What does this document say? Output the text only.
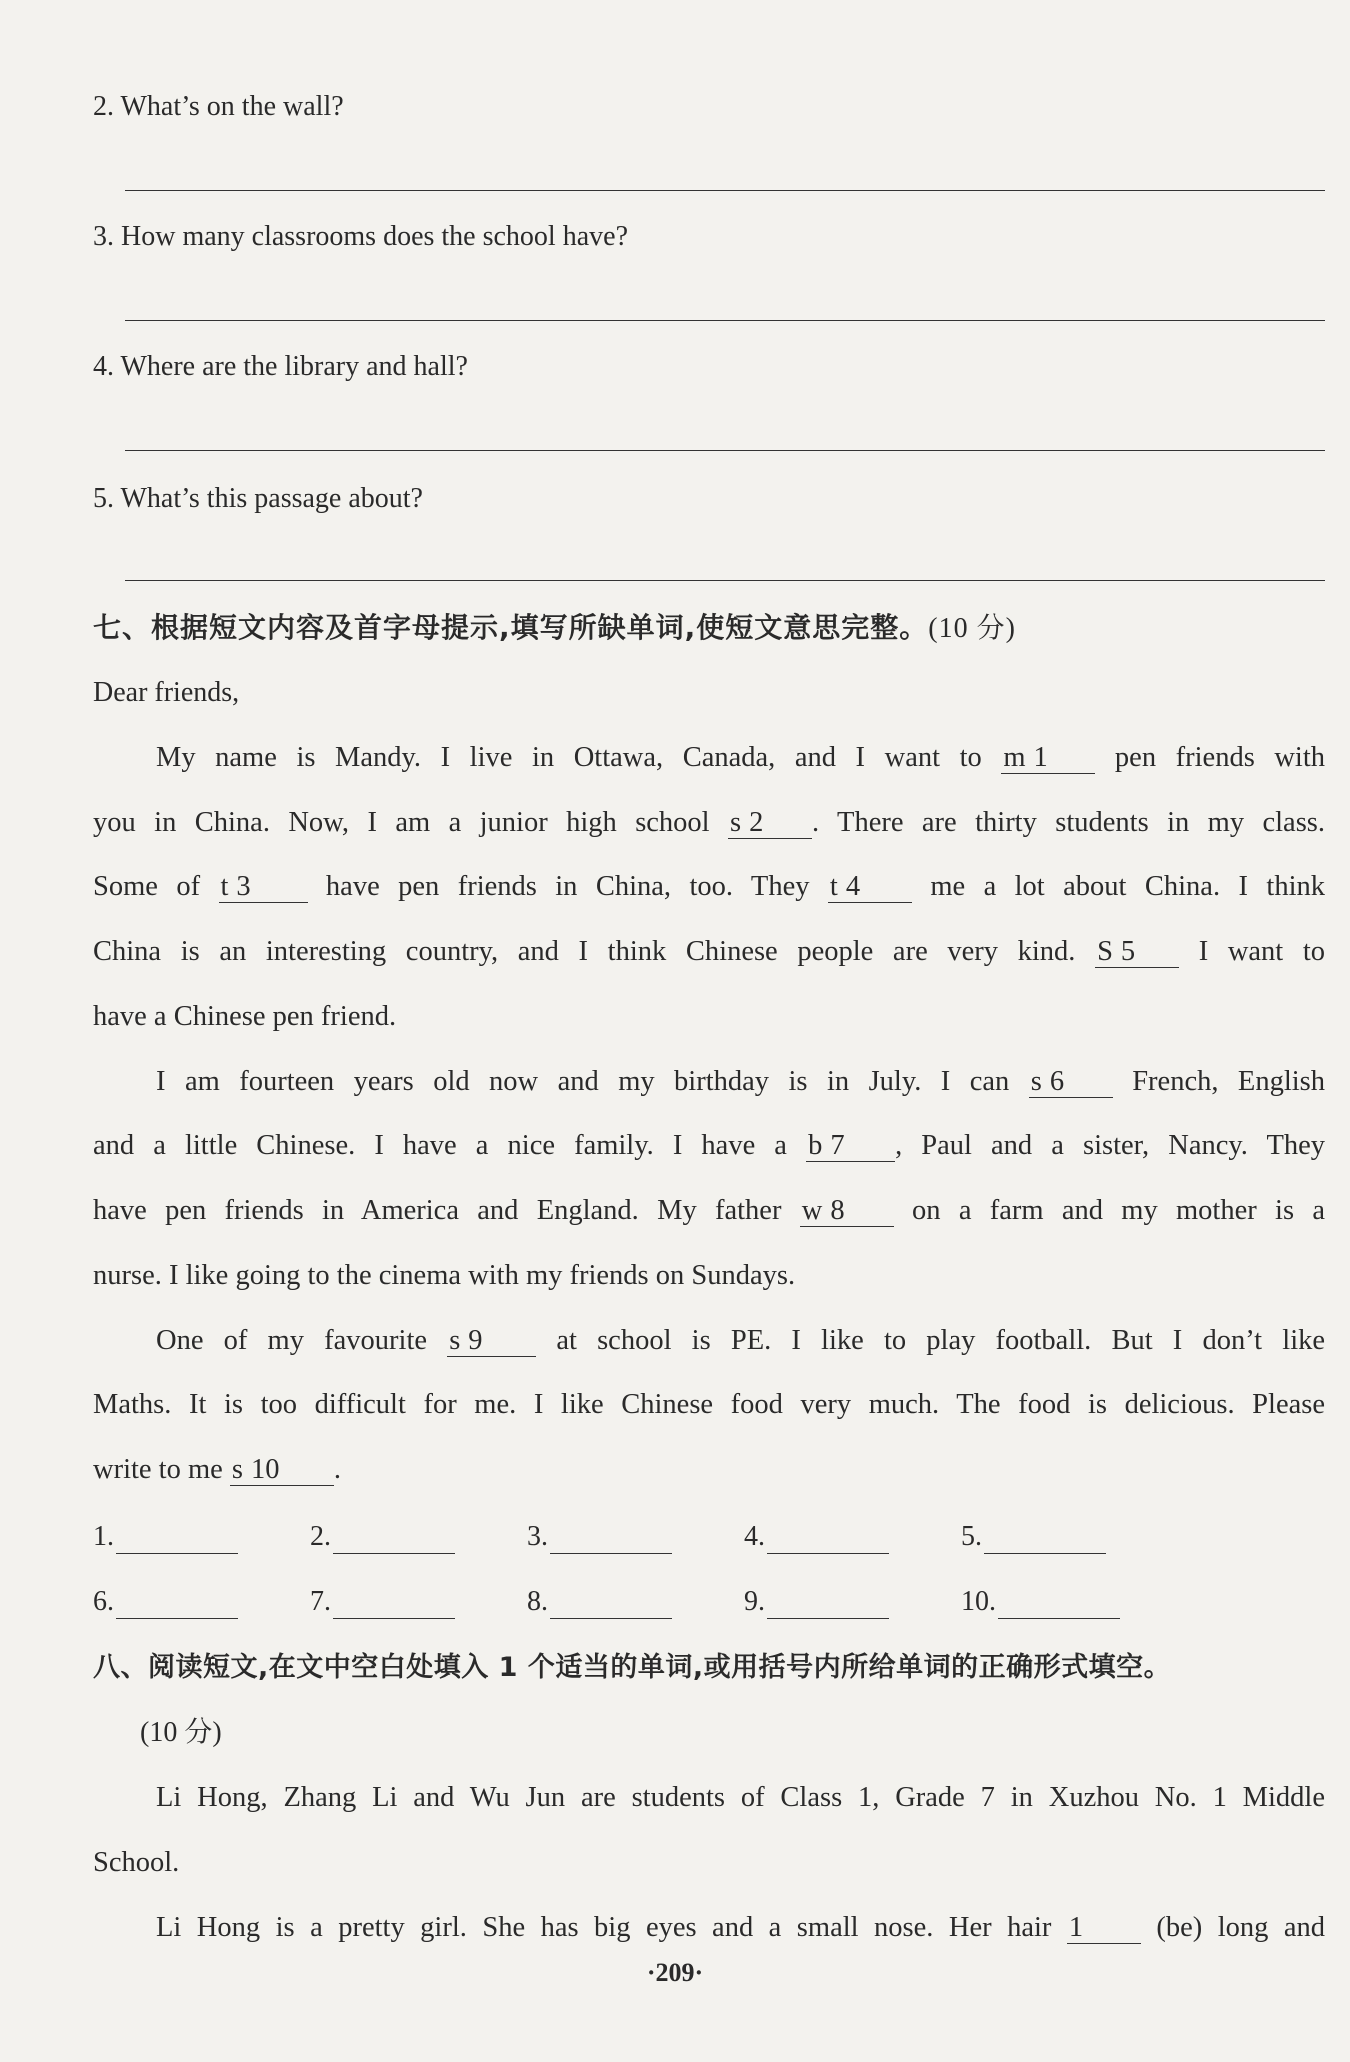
2. What’s on the wall?
3. How many classrooms does the school have?
4. Where are the library and hall?
5. What’s this passage about?
七、根据短文内容及首字母提示,填写所缺单词,使短文意思完整。(10 分)
Dear friends,
My name is Mandy. I live in Ottawa, Canada, and I want to m 1 pen friends with
you in China. Now, I am a junior high school s 2 . There are thirty students in my class.
Some of t 3	have pen friends in China, too. They t 4 me a lot about China. I think
China is an interesting country, and I think Chinese people are very kind. S 5 I want to
have a Chinese pen friend.
I am fourteen years old now and my birthday is in July. I can s 6 French, English
and a little Chinese. I have a nice family. I have a b 7 , Paul and a sister, Nancy. They
have pen friends in America and England. My father w 8 on a farm and my mother is a
nurse. I like going to the cinema with my friends on Sundays.
One of my favourite s 9	at school is PE. I like to play football. But I don’t like
Maths. It is too difficult for me. I like Chinese food very much. The food is delicious. Please
write to me s 10 .
1.	2.	3.	4.	5.
6.	7.	8.	9.	10.
八、阅读短文,在文中空白处填入 1 个适当的单词,或用括号内所给单词的正确形式填空。
(10 分)
Li Hong, Zhang Li and Wu Jun are students of Class 1, Grade 7 in Xuzhou No. 1 Middle
School.
Li Hong is a pretty girl. She has big eyes and a small nose. Her hair 1	(be) long and
·209·
